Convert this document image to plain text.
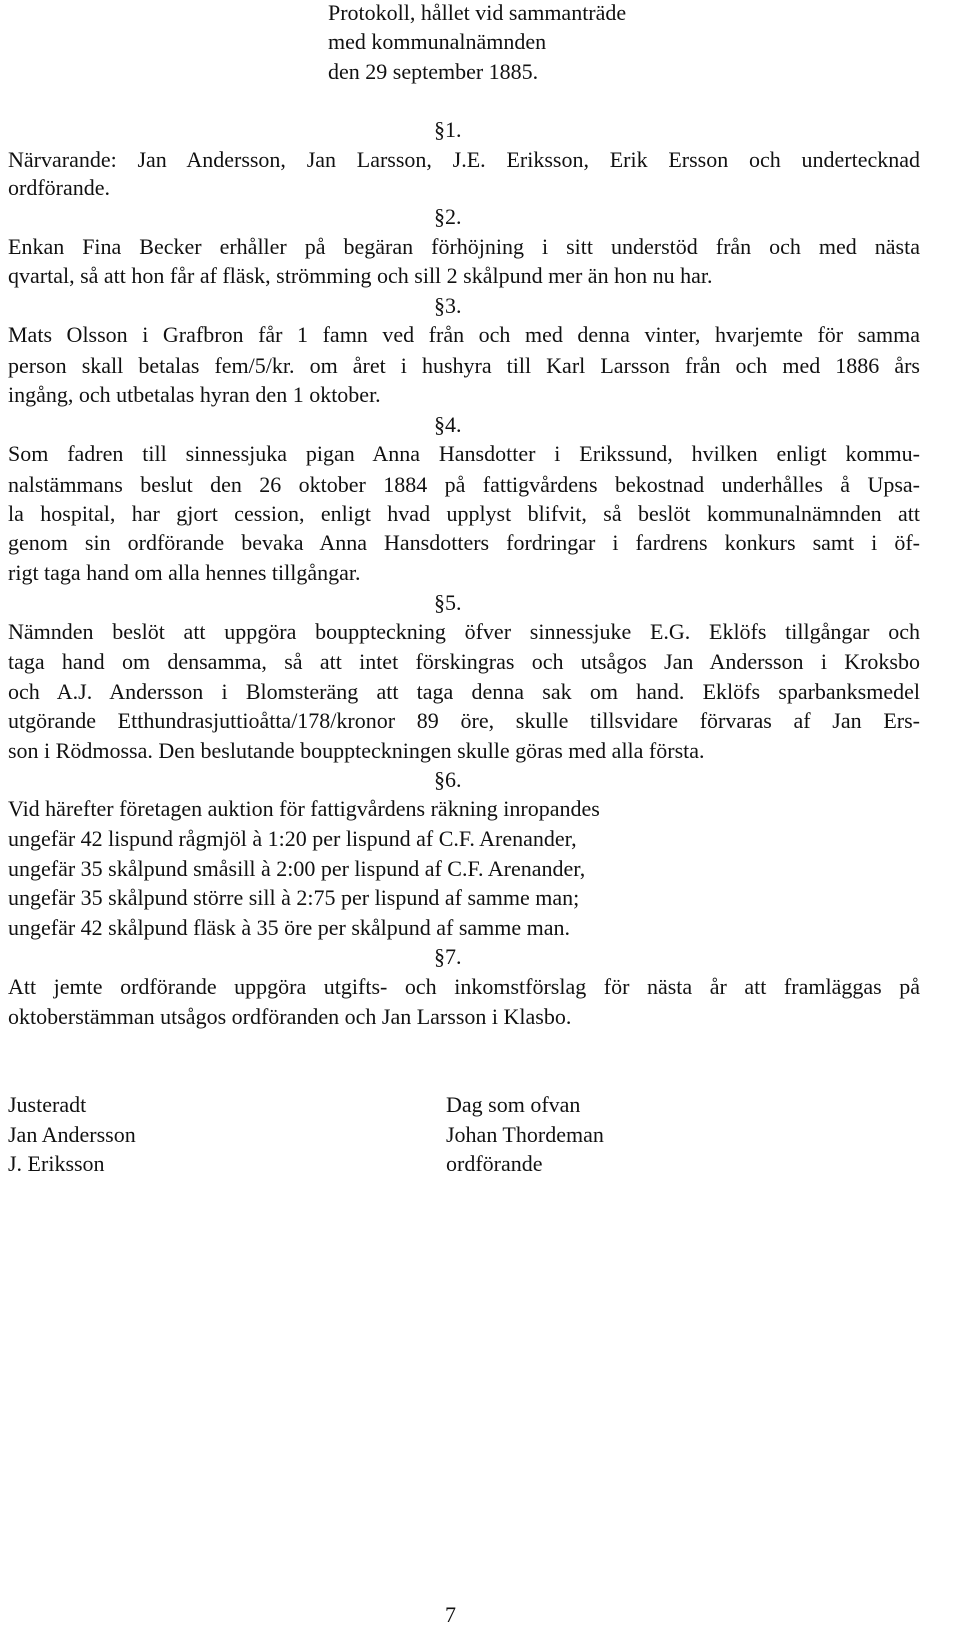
Protokoll, hållet vid sammanträde
med kommunalnämnden
den 29 september 1885.
§1.
Närvarande: Jan Andersson, Jan Larsson, J.E. Eriksson, Erik Ersson och undertecknad
ordförande.
§2.
Enkan Fina Becker erhåller på begäran förhöjning i sitt understöd från och med nästa
qvartal, så att hon får af fläsk, strömming och sill 2 skålpund mer än hon nu har.
§3.
Mats Olsson i Grafbron får 1 famn ved från och med denna vinter, hvarjemte för samma
person skall betalas fem/5/kr. om året i hushyra till Karl Larsson från och med 1886 års
ingång, och utbetalas hyran den 1 oktober.
§4.
Som fadren till sinnessjuka pigan Anna Hansdotter i Erikssund, hvilken enligt kommu-
nalstämmans beslut den 26 oktober 1884 på fattigvårdens bekostnad underhålles å Upsa-
la hospital, har gjort cession, enligt hvad upplyst blifvit, så beslöt kommunalnämnden att
genom sin ordförande bevaka Anna Hansdotters fordringar i fardrens konkurs samt i öf-
rigt taga hand om alla hennes tillgångar.
§5.
Nämnden beslöt att uppgöra bouppteckning öfver sinnessjuke E.G. Eklöfs tillgångar och
taga hand om densamma, så att intet förskingras och utsågos Jan Andersson i Kroksbo
och A.J. Andersson i Blomsteräng att taga denna sak om hand. Eklöfs sparbanksmedel
utgörande Etthundrasjuttioåtta/178/kronor 89 öre, skulle tillsvidare förvaras af Jan Ers-
son i Rödmossa. Den beslutande bouppteckningen skulle göras med alla första.
§6.
Vid härefter företagen auktion för fattigvårdens räkning inropandes
ungefär 42 lispund rågmjöl à 1:20 per lispund af C.F. Arenander,
ungefär 35 skålpund småsill à 2:00 per lispund af C.F. Arenander,
ungefär 35 skålpund större sill à 2:75 per lispund af samme man;
ungefär 42 skålpund fläsk à 35 öre per skålpund af samme man.
§7.
Att jemte ordförande uppgöra utgifts- och inkomstförslag för nästa år att framläggas på
oktoberstämman utsågos ordföranden och Jan Larsson i Klasbo.
Justeradt
Jan Andersson
J. Eriksson
Dag som ofvan
Johan Thordeman
ordförande
7
